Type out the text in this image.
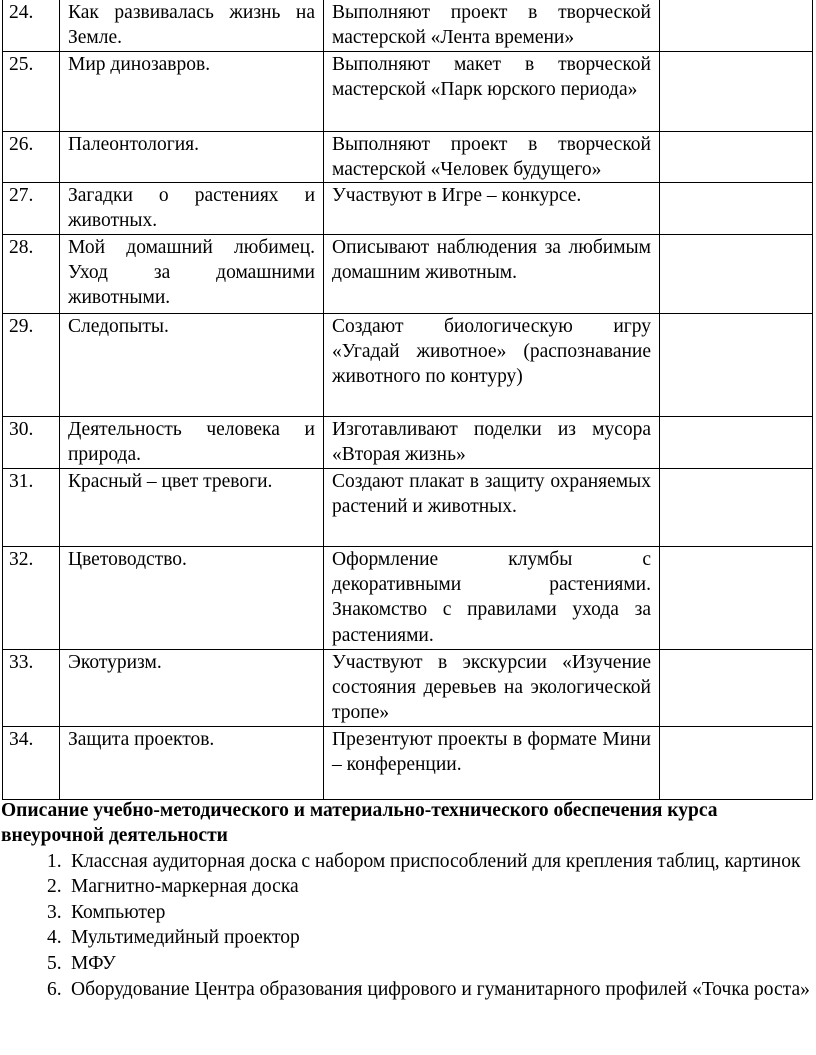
24.	Как развивалась жизнь на Земле.	Выполняют проект в творческой мастерской «Лента времени»	
25.	Мир динозавров.	Выполняют макет в творческой мастерской «Парк юрского периода»	
26.	Палеонтология.	Выполняют проект в творческой мастерской «Человек будущего»	
27.	Загадки о растениях и животных.	Участвуют в Игре – конкурсе.	
28.	Мой домашний любимец. Уход за домашними животными.	Описывают наблюдения за любимым домашним животным.	
29.	Следопыты.	Создают биологическую игру «Угадай животное» (распознавание животного по контуру)	
30.	Деятельность человека и природа.	Изготавливают поделки из мусора «Вторая жизнь»	
31.	Красный – цвет тревоги.	Создают плакат в защиту охраняемых растений и животных.	
32.	Цветоводство.	Оформление клумбы с декоративными растениями. Знакомство с правилами ухода за растениями.	
33.	Экотуризм.	Участвуют в экскурсии «Изучение состояния деревьев на экологической тропе»	
34.	Защита проектов.	Презентуют проекты в формате Мини – конференции.	

Описание учебно-методического и материально-технического обеспечения курса внеурочной деятельности

1. Классная аудиторная доска с набором приспособлений для крепления таблиц, картинок
2. Магнитно-маркерная доска
3. Компьютер
4. Мультимедийный проектор
5. МФУ
6. Оборудование Центра образования цифрового и гуманитарного профилей «Точка роста»
